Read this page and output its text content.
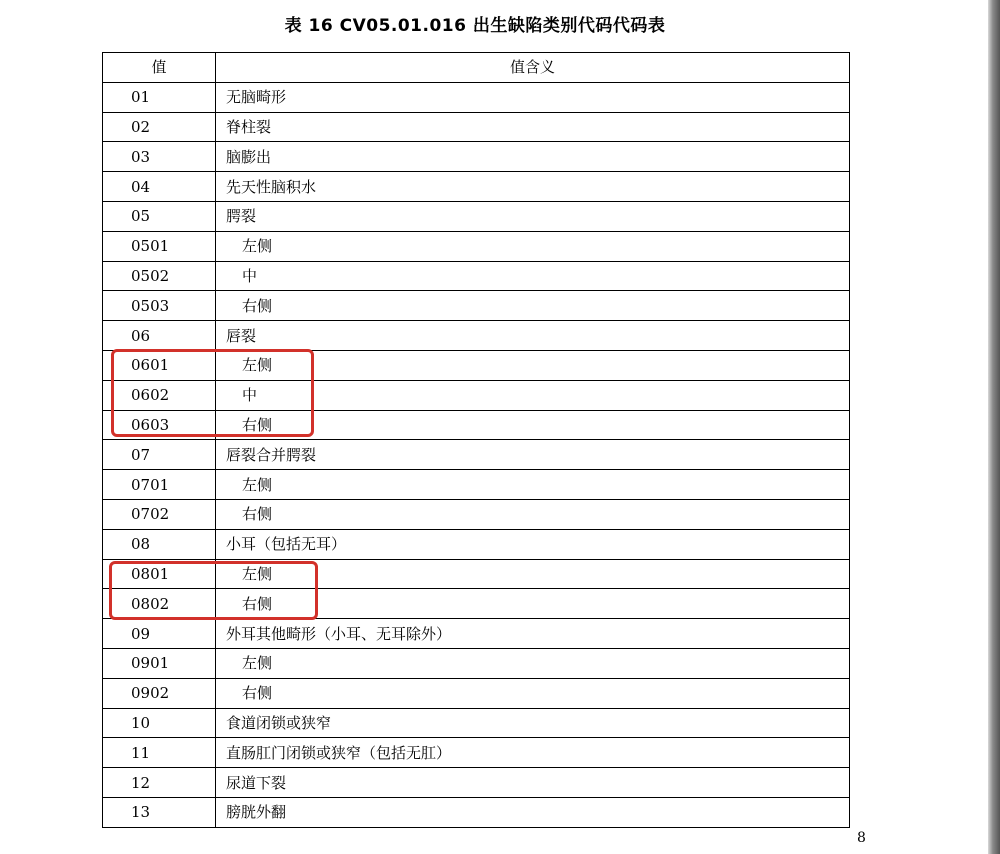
表 16 CV05.01.016 出生缺陷类别代码代码表
值	值含义
01	无脑畸形
02	脊柱裂
03	脑膨出
04	先天性脑积水
05	腭裂
0501	左侧
0502	中
0503	右侧
06	唇裂
0601	左侧
0602	中
0603	右侧
07	唇裂合并腭裂
0701	左侧
0702	右侧
08	小耳（包括无耳）
0801	左侧
0802	右侧
09	外耳其他畸形（小耳、无耳除外）
0901	左侧
0902	右侧
10	食道闭锁或狭窄
11	直肠肛门闭锁或狭窄（包括无肛）
12	尿道下裂
13	膀胱外翻
8
